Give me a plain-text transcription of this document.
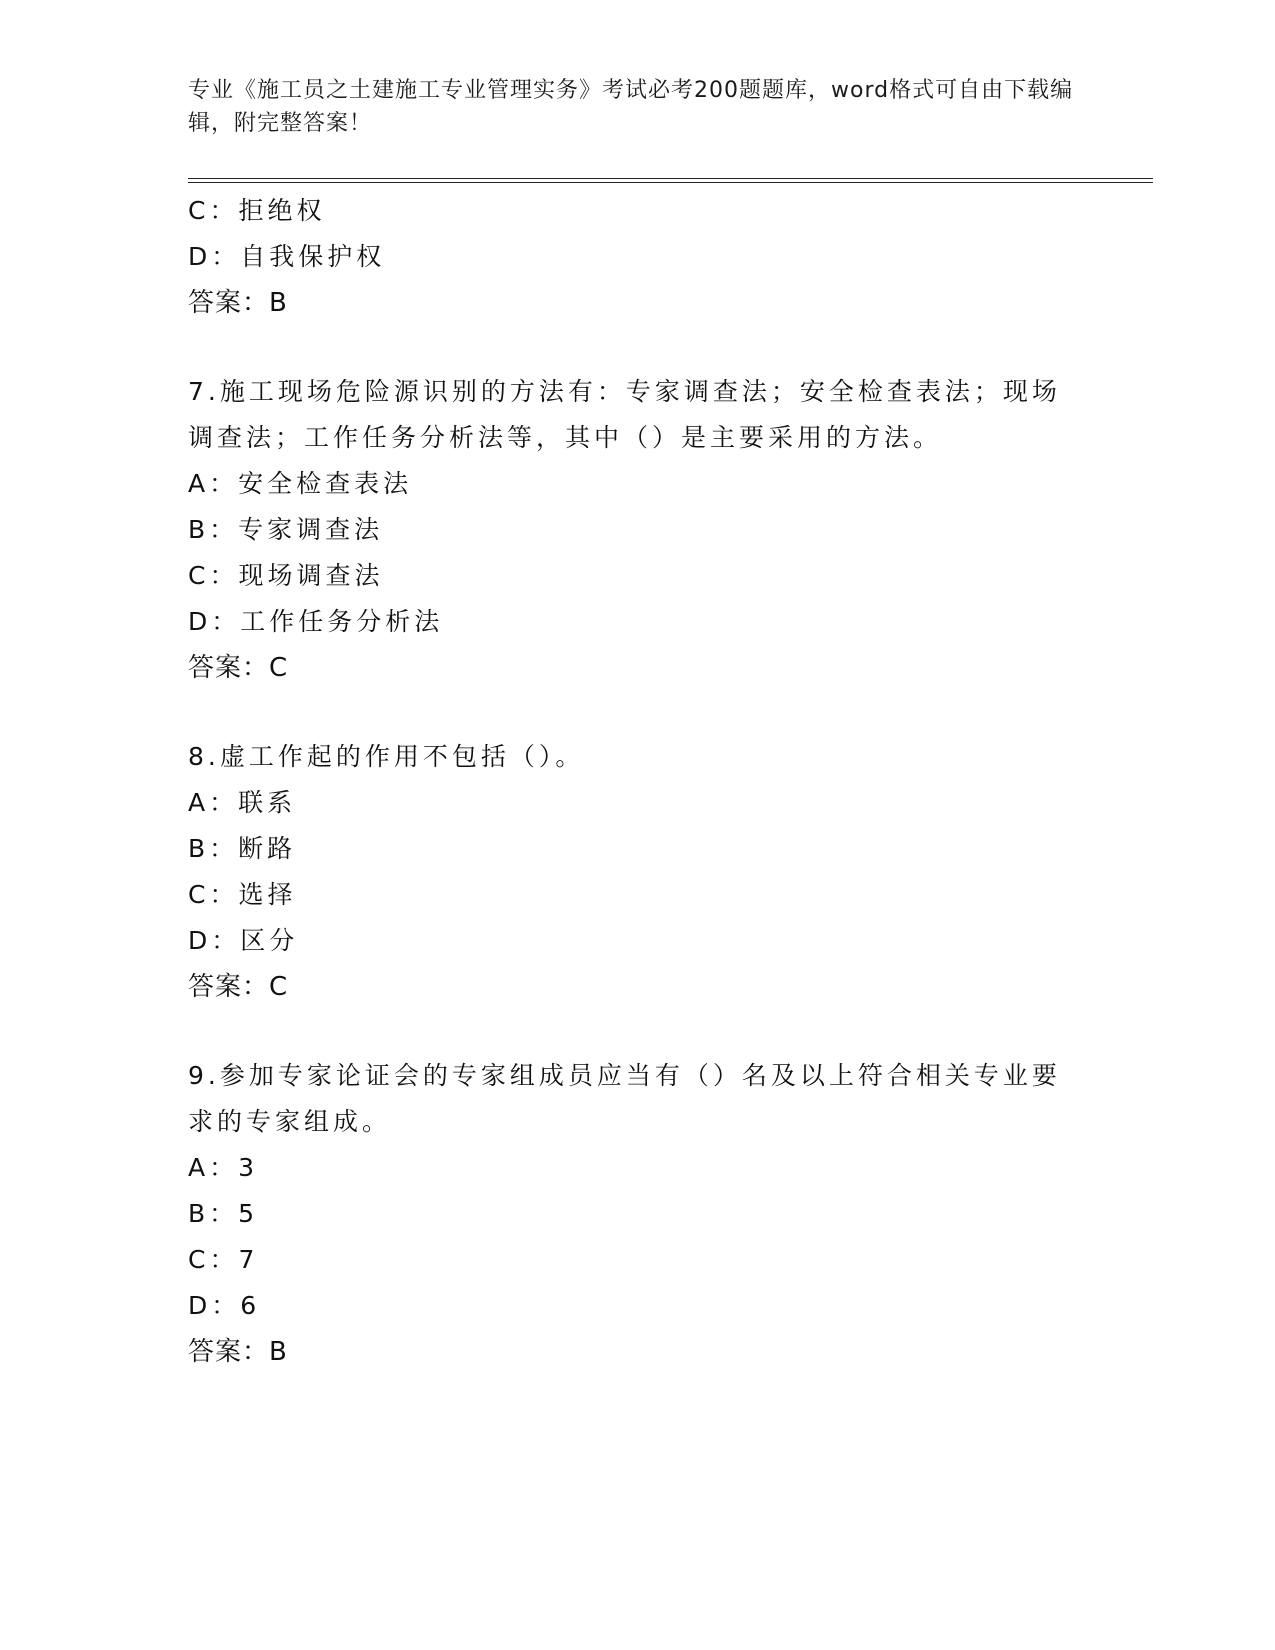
专业《施工员之土建施工专业管理实务》考试必考200题题库，word格式可自由下载编辑，附完整答案！
C：拒绝权
D：自我保护权
答案：B
7.施工现场危险源识别的方法有：专家调查法；安全检查表法；现场调查法；工作任务分析法等，其中（）是主要采用的方法。
A：安全检查表法
B：专家调查法
C：现场调查法
D：工作任务分析法
答案：C
8.虚工作起的作用不包括（）。
A：联系
B：断路
C：选择
D：区分
答案：C
9.参加专家论证会的专家组成员应当有（）名及以上符合相关专业要求的专家组成。
A：3
B：5
C：7
D：6
答案：B
